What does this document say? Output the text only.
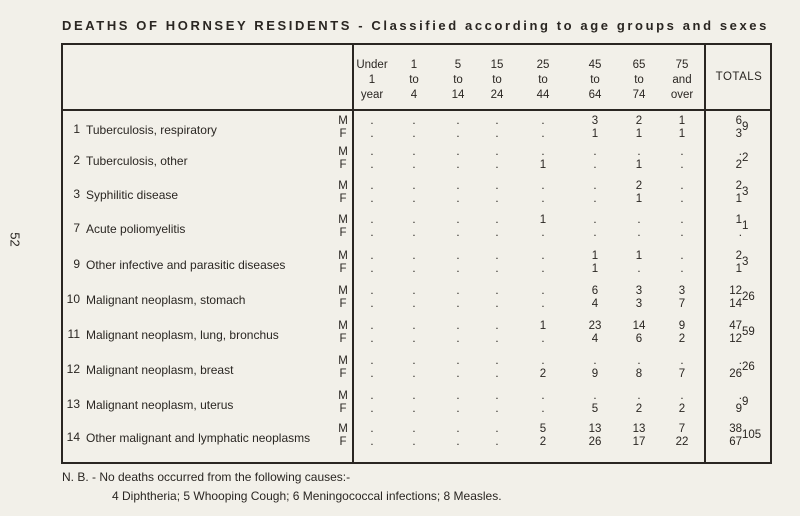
DEATHS OF HORNSEY RESIDENTS - Classified according to age groups and sexes
52
Under
1
year
1
to
4
5
to
14
15
to
24
25
to
44
45
to
64
65
to
74
75
and
over
TOTALS
1 Tuberculosis, respiratory
M
F
.
.
.
.
.
.
.
.
.
.
3
1
2
1
1
1
6
3
9
2 Tuberculosis, other
M
F
.
.
.
.
.
.
.
.
.
1
.
.
.
1
.
.
.
2
2
3 Syphilitic disease
M
F
.
.
.
.
.
.
.
.
.
.
.
.
2
1
.
.
2
1
3
7 Acute poliomyelitis
M
F
.
.
.
.
.
.
.
.
1
.
.
.
.
.
.
.
1
.
1
9 Other infective and parasitic diseases
M
F
.
.
.
.
.
.
.
.
.
.
1
1
1
.
.
.
2
1
3
10 Malignant neoplasm, stomach
M
F
.
.
.
.
.
.
.
.
.
.
6
4
3
3
3
7
12
14
26
11 Malignant neoplasm, lung, bronchus
M
F
.
.
.
.
.
.
.
.
1
.
23
4
14
6
9
2
47
12
59
12 Malignant neoplasm, breast
M
F
.
.
.
.
.
.
.
.
.
2
.
9
.
8
.
7
.
26
26
13 Malignant neoplasm, uterus
M
F
.
.
.
.
.
.
.
.
.
.
.
5
.
2
.
2
.
9
9
14 Other malignant and lymphatic neoplasms
M
F
.
.
.
.
.
.
.
.
5
2
13
26
13
17
7
22
38
67
105
N. B. - No deaths occurred from the following causes:-
4 Diphtheria; 5 Whooping Cough; 6 Meningococcal infections; 8 Measles.
